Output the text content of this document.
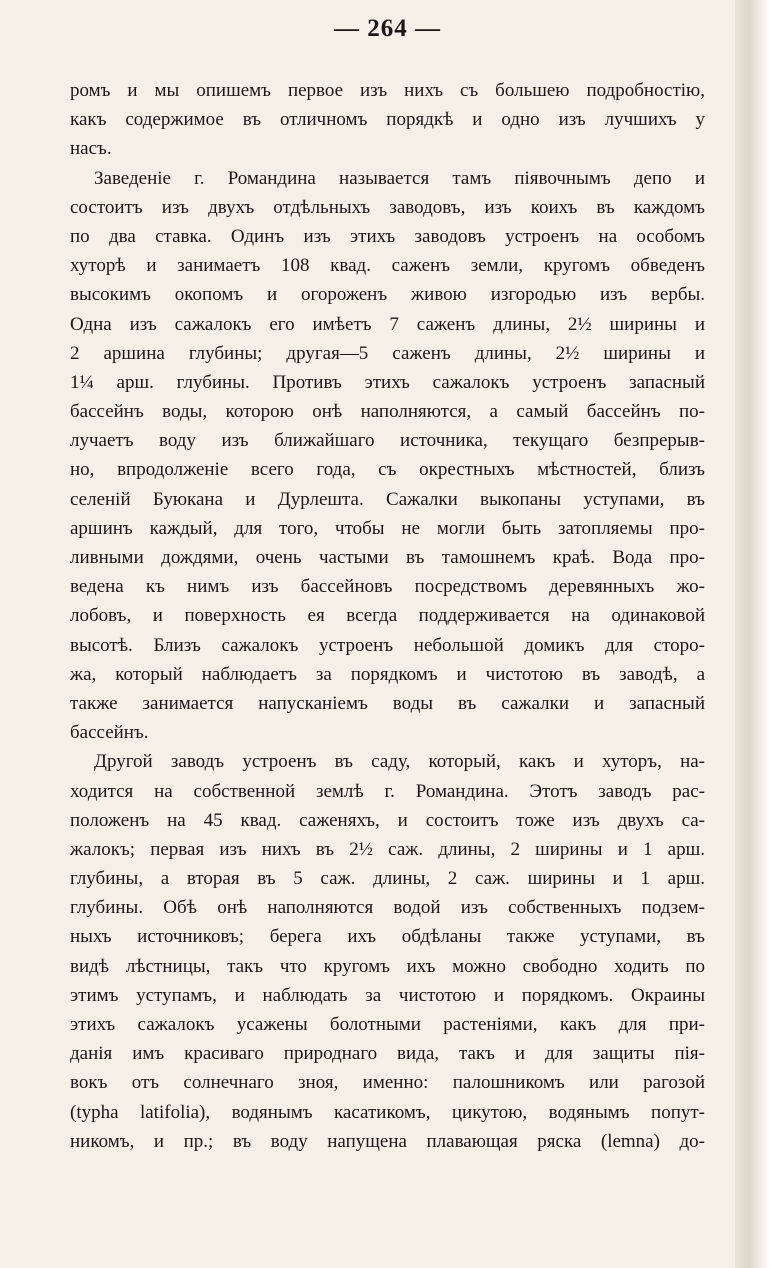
— 264 —
ромъ и мы опишемъ первое изъ нихъ съ большею подробностію,
какъ содержимое въ отличномъ порядкѣ и одно изъ лучшихъ у
насъ.
Заведеніе г. Романдина называется тамъ піявочнымъ депо и
состоитъ изъ двухъ отдѣльныхъ заводовъ, изъ коихъ въ каждомъ
по два ставка. Одинъ изъ этихъ заводовъ устроенъ на особомъ
хуторѣ и занимаетъ 108 квад. саженъ земли, кругомъ обведенъ
высокимъ окопомъ и огороженъ живою изгородью изъ вербы.
Одна изъ сажалокъ его имѣетъ 7 саженъ длины, 2½ ширины и
2 аршина глубины; другая—5 саженъ длины, 2½ ширины и
1¼ арш. глубины. Противъ этихъ сажалокъ устроенъ запасный
бассейнъ воды, которою онѣ наполняются, а самый бассейнъ по-
лучаетъ воду изъ ближайшаго источника, текущаго безпрерыв-
но, впродолженіе всего года, съ окрестныхъ мѣстностей, близъ
селеній Буюкана и Дурлешта. Сажалки выкопаны уступами, въ
аршинъ каждый, для того, чтобы не могли быть затопляемы про-
ливными дождями, очень частыми въ тамошнемъ краѣ. Вода про-
ведена къ нимъ изъ бассейновъ посредствомъ деревянныхъ жо-
лобовъ, и поверхность ея всегда поддерживается на одинаковой
высотѣ. Близъ сажалокъ устроенъ небольшой домикъ для сторо-
жа, который наблюдаетъ за порядкомъ и чистотою въ заводѣ, а
также занимается напусканіемъ воды въ сажалки и запасный
бассейнъ.
Другой заводъ устроенъ въ саду, который, какъ и хуторъ, на-
ходится на собственной землѣ г. Романдина. Этотъ заводъ рас-
положенъ на 45 квад. саженяхъ, и состоитъ тоже изъ двухъ са-
жалокъ; первая изъ нихъ въ 2½ саж. длины, 2 ширины и 1 арш.
глубины, а вторая въ 5 саж. длины, 2 саж. ширины и 1 арш.
глубины. Обѣ онѣ наполняются водой изъ собственныхъ подзем-
ныхъ источниковъ; берега ихъ обдѣланы также уступами, въ
видѣ лѣстницы, такъ что кругомъ ихъ можно свободно ходить по
этимъ уступамъ, и наблюдать за чистотою и порядкомъ. Окраины
этихъ сажалокъ усажены болотными растеніями, какъ для при-
данія имъ красиваго природнаго вида, такъ и для защиты пія-
вокъ отъ солнечнаго зноя, именно: палошникомъ или рагозой
(typha latifolia), водянымъ касатикомъ, цикутою, водянымъ попут-
никомъ, и пр.; въ воду напущена плавающая ряска (lemna) до-
